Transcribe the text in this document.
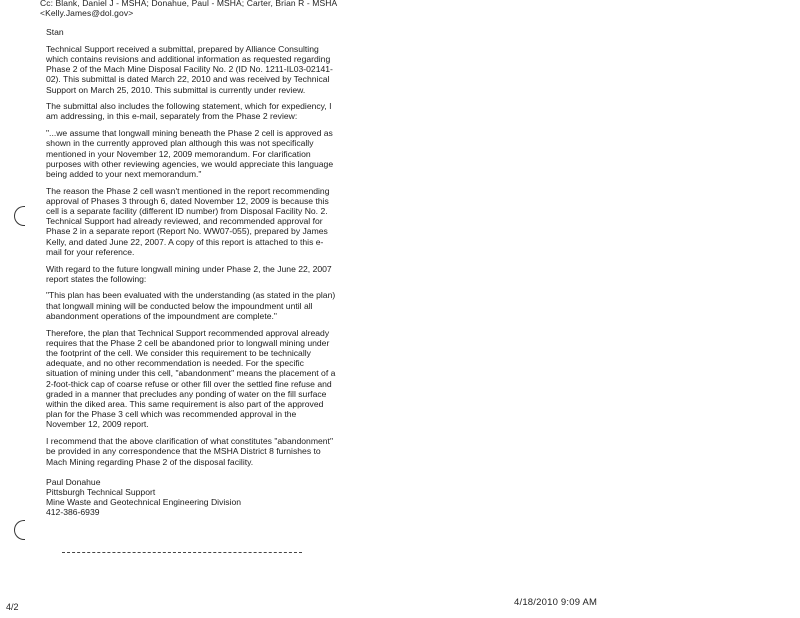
Cc: Blank, Daniel J - MSHA; Donahue, Paul - MSHA; Carter, Brian R - MSHA
<Kelly.James@dol.gov>

Stan

Technical Support received a submittal, prepared by Alliance Consulting which contains revisions and additional information as requested regarding Phase 2 of the Mach Mine Disposal Facility No. 2 (ID No. 1211-IL03-02141-02). This submittal is dated March 22, 2010 and was received by Technical Support on March 25, 2010. This submittal is currently under review.

The submittal also includes the following statement, which for expediency, I am addressing, in this e-mail, separately from the Phase 2 review:

"...we assume that longwall mining beneath the Phase 2 cell is approved as shown in the currently approved plan although this was not specifically mentioned in your November 12, 2009 memorandum. For clarification purposes with other reviewing agencies, we would appreciate this language being added to your next memorandum."

The reason the Phase 2 cell wasn't mentioned in the report recommending approval of Phases 3 through 6, dated November 12, 2009 is because this cell is a separate facility (different ID number) from Disposal Facility No. 2. Technical Support had already reviewed, and recommended approval for Phase 2 in a separate report (Report No. WW07-055), prepared by James Kelly, and dated June 22, 2007. A copy of this report is attached to this e-mail for your reference.

With regard to the future longwall mining under Phase 2, the June 22, 2007 report states the following:

"This plan has been evaluated with the understanding (as stated in the plan) that longwall mining will be conducted below the impoundment until all abandonment operations of the impoundment are complete."

Therefore, the plan that Technical Support recommended approval already requires that the Phase 2 cell be abandoned prior to longwall mining under the footprint of the cell. We consider this requirement to be technically adequate, and no other recommendation is needed. For the specific situation of mining under this cell, "abandonment" means the placement of a 2-foot-thick cap of coarse refuse or other fill over the settled fine refuse and graded in a manner that precludes any ponding of water on the fill surface within the diked area. This same requirement is also part of the approved plan for the Phase 3 cell which was recommended approval in the November 12, 2009 report.

I recommend that the above clarification of what constitutes "abandonment" be provided in any correspondence that the MSHA District 8 furnishes to Mach Mining regarding Phase 2 of the disposal facility.

Paul Donahue

Pittsburgh Technical Support

Mine Waste and Geotechnical Engineering Division

412-386-6939

4/2	4/18/2010 9:09 AM
